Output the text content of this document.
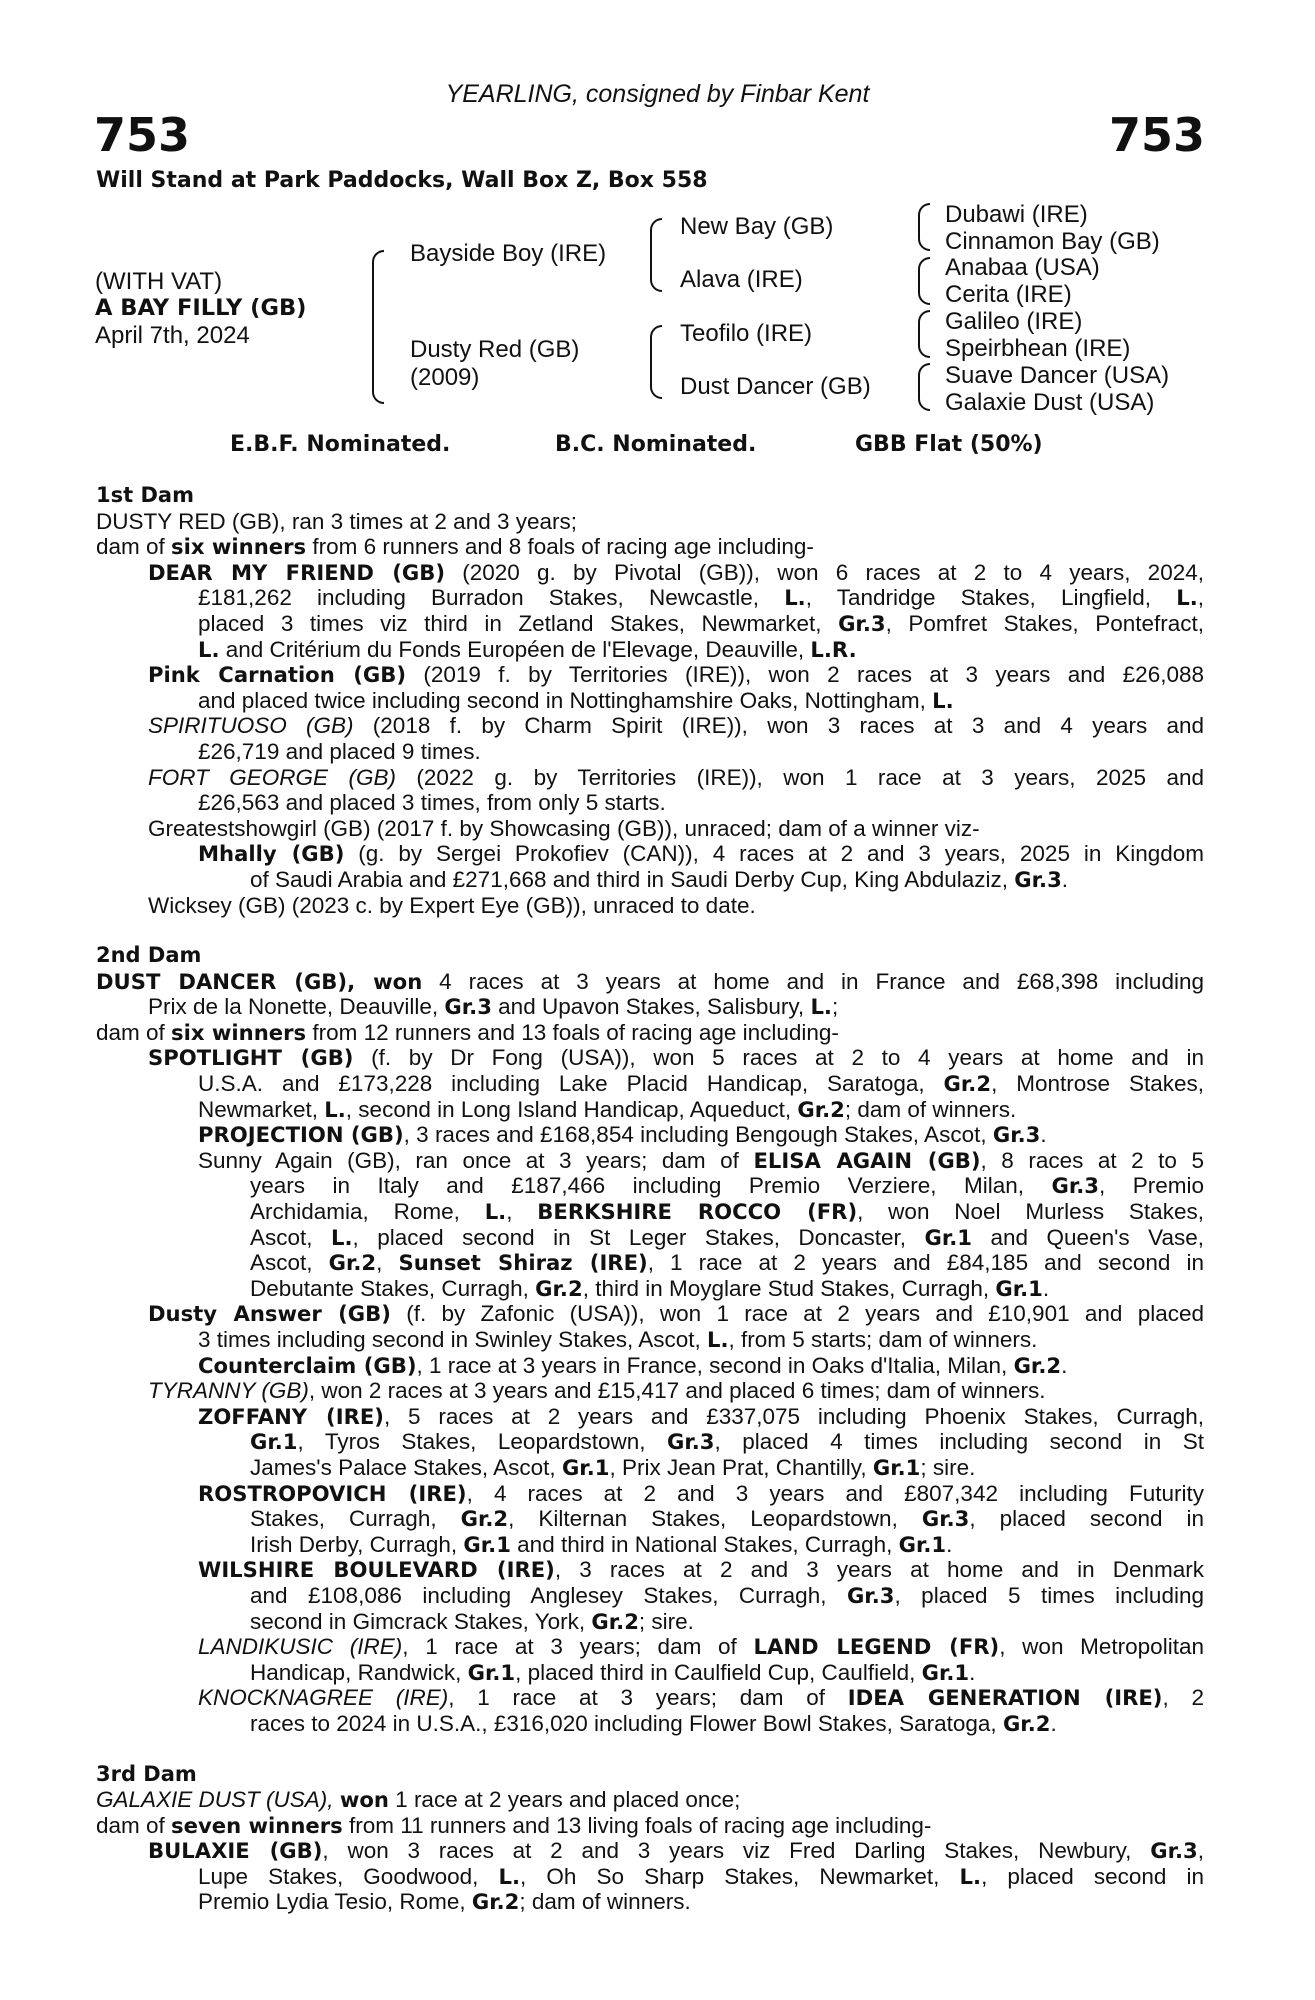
YEARLING, consigned by Finbar Kent
753	753
Will Stand at Park Paddocks, Wall Box Z, Box 558
(WITH VAT)
A BAY FILLY (GB)
April 7th, 2024
Bayside Boy (IRE)
Dusty Red (GB)
(2009)
New Bay (GB)
Alava (IRE)
Teofilo (IRE)
Dust Dancer (GB)
Dubawi (IRE)
Cinnamon Bay (GB)
Anabaa (USA)
Cerita (IRE)
Galileo (IRE)
Speirbhean (IRE)
Suave Dancer (USA)
Galaxie Dust (USA)
E.B.F. Nominated.	B.C. Nominated.	GBB Flat (50%)
1st Dam
DUSTY RED (GB), ran 3 times at 2 and 3 years;
dam of six winners from 6 runners and 8 foals of racing age including-
DEAR MY FRIEND (GB) (2020 g. by Pivotal (GB)), won 6 races at 2 to 4 years, 2024,
£181,262 including Burradon Stakes, Newcastle, L., Tandridge Stakes, Lingfield, L.,
placed 3 times viz third in Zetland Stakes, Newmarket, Gr.3, Pomfret Stakes, Pontefract,
L. and Critérium du Fonds Européen de l'Elevage, Deauville, L.R.
Pink Carnation (GB) (2019 f. by Territories (IRE)), won 2 races at 3 years and £26,088
and placed twice including second in Nottinghamshire Oaks, Nottingham, L.
SPIRITUOSO (GB) (2018 f. by Charm Spirit (IRE)), won 3 races at 3 and 4 years and
£26,719 and placed 9 times.
FORT GEORGE (GB) (2022 g. by Territories (IRE)), won 1 race at 3 years, 2025 and
£26,563 and placed 3 times, from only 5 starts.
Greatestshowgirl (GB) (2017 f. by Showcasing (GB)), unraced; dam of a winner viz-
Mhally (GB) (g. by Sergei Prokofiev (CAN)), 4 races at 2 and 3 years, 2025 in Kingdom
of Saudi Arabia and £271,668 and third in Saudi Derby Cup, King Abdulaziz, Gr.3.
Wicksey (GB) (2023 c. by Expert Eye (GB)), unraced to date.
2nd Dam
DUST DANCER (GB), won 4 races at 3 years at home and in France and £68,398 including
Prix de la Nonette, Deauville, Gr.3 and Upavon Stakes, Salisbury, L.;
dam of six winners from 12 runners and 13 foals of racing age including-
SPOTLIGHT (GB) (f. by Dr Fong (USA)), won 5 races at 2 to 4 years at home and in
U.S.A. and £173,228 including Lake Placid Handicap, Saratoga, Gr.2, Montrose Stakes,
Newmarket, L., second in Long Island Handicap, Aqueduct, Gr.2; dam of winners.
PROJECTION (GB), 3 races and £168,854 including Bengough Stakes, Ascot, Gr.3.
Sunny Again (GB), ran once at 3 years; dam of ELISA AGAIN (GB), 8 races at 2 to 5
years in Italy and £187,466 including Premio Verziere, Milan, Gr.3, Premio
Archidamia, Rome, L., BERKSHIRE ROCCO (FR), won Noel Murless Stakes,
Ascot, L., placed second in St Leger Stakes, Doncaster, Gr.1 and Queen's Vase,
Ascot, Gr.2, Sunset Shiraz (IRE), 1 race at 2 years and £84,185 and second in
Debutante Stakes, Curragh, Gr.2, third in Moyglare Stud Stakes, Curragh, Gr.1.
Dusty Answer (GB) (f. by Zafonic (USA)), won 1 race at 2 years and £10,901 and placed
3 times including second in Swinley Stakes, Ascot, L., from 5 starts; dam of winners.
Counterclaim (GB), 1 race at 3 years in France, second in Oaks d'Italia, Milan, Gr.2.
TYRANNY (GB), won 2 races at 3 years and £15,417 and placed 6 times; dam of winners.
ZOFFANY (IRE), 5 races at 2 years and £337,075 including Phoenix Stakes, Curragh,
Gr.1, Tyros Stakes, Leopardstown, Gr.3, placed 4 times including second in St
James's Palace Stakes, Ascot, Gr.1, Prix Jean Prat, Chantilly, Gr.1; sire.
ROSTROPOVICH (IRE), 4 races at 2 and 3 years and £807,342 including Futurity
Stakes, Curragh, Gr.2, Kilternan Stakes, Leopardstown, Gr.3, placed second in
Irish Derby, Curragh, Gr.1 and third in National Stakes, Curragh, Gr.1.
WILSHIRE BOULEVARD (IRE), 3 races at 2 and 3 years at home and in Denmark
and £108,086 including Anglesey Stakes, Curragh, Gr.3, placed 5 times including
second in Gimcrack Stakes, York, Gr.2; sire.
LANDIKUSIC (IRE), 1 race at 3 years; dam of LAND LEGEND (FR), won Metropolitan
Handicap, Randwick, Gr.1, placed third in Caulfield Cup, Caulfield, Gr.1.
KNOCKNAGREE (IRE), 1 race at 3 years; dam of IDEA GENERATION (IRE), 2
races to 2024 in U.S.A., £316,020 including Flower Bowl Stakes, Saratoga, Gr.2.
3rd Dam
GALAXIE DUST (USA), won 1 race at 2 years and placed once;
dam of seven winners from 11 runners and 13 living foals of racing age including-
BULAXIE (GB), won 3 races at 2 and 3 years viz Fred Darling Stakes, Newbury, Gr.3,
Lupe Stakes, Goodwood, L., Oh So Sharp Stakes, Newmarket, L., placed second in
Premio Lydia Tesio, Rome, Gr.2; dam of winners.
